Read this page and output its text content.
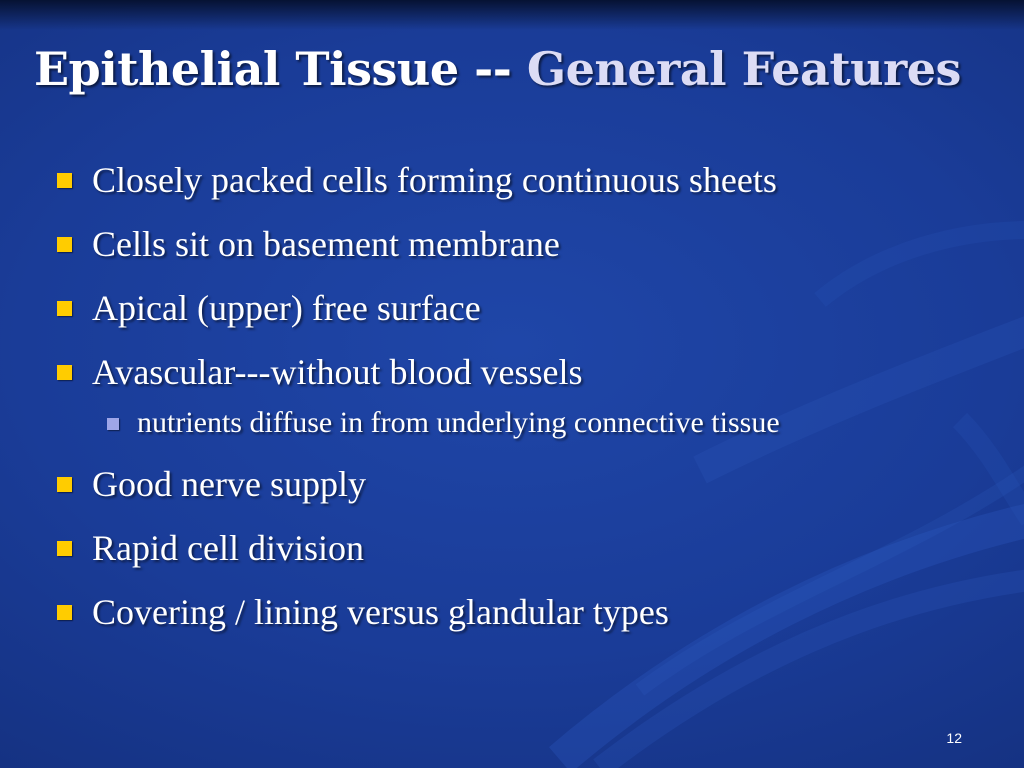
Epithelial Tissue -- General Features
Closely packed cells forming continuous sheets
Cells sit on basement membrane
Apical (upper) free surface
Avascular---without blood vessels
nutrients diffuse in from underlying connective tissue
Good nerve supply
Rapid cell division
Covering / lining versus glandular types
12
